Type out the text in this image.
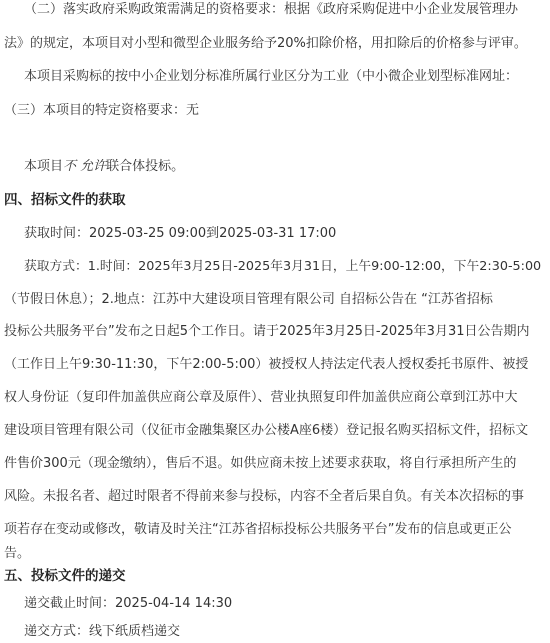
（二）落实政府采购政策需满足的资格要求：根据《政府采购促进中小企业发展管理办
法》的规定，本项目对小型和微型企业服务给予20%扣除价格，用扣除后的价格参与评审。
本项目采购标的按中小企业划分标准所属行业区分为工业（中小微企业划型标准网址：
（三）本项目的特定资格要求：无
本项目不 允许联合体投标。
四、招标文件的获取
获取时间：2025-03-25 09:00到2025-03-31 17:00
获取方式：1.时间：2025年3月25日-2025年3月31日，上午9:00-12:00，下午2:30-5:00
（节假日休息）；2.地点：江苏中大建设项目管理有限公司 自招标公告在 “江苏省招标
投标公共服务平台”发布之日起5个工作日。请于2025年3月25日-2025年3月31日公告期内
（工作日上午9:30-11:30，下午2:00-5:00）被授权人持法定代表人授权委托书原件、被授
权人身份证（复印件加盖供应商公章及原件）、营业执照复印件加盖供应商公章到江苏中大
建设项目管理有限公司（仪征市金融集聚区办公楼A座6楼）登记报名购买招标文件，招标文
件售价300元（现金缴纳），售后不退。如供应商未按上述要求获取，将自行承担所产生的
风险。未报名者、超过时限者不得前来参与投标，内容不全者后果自负。有关本次招标的事
项若存在变动或修改，敬请及时关注“江苏省招标投标公共服务平台”发布的信息或更正公
告。
五、投标文件的递交
递交截止时间：2025-04-14 14:30
递交方式：线下纸质档递交
